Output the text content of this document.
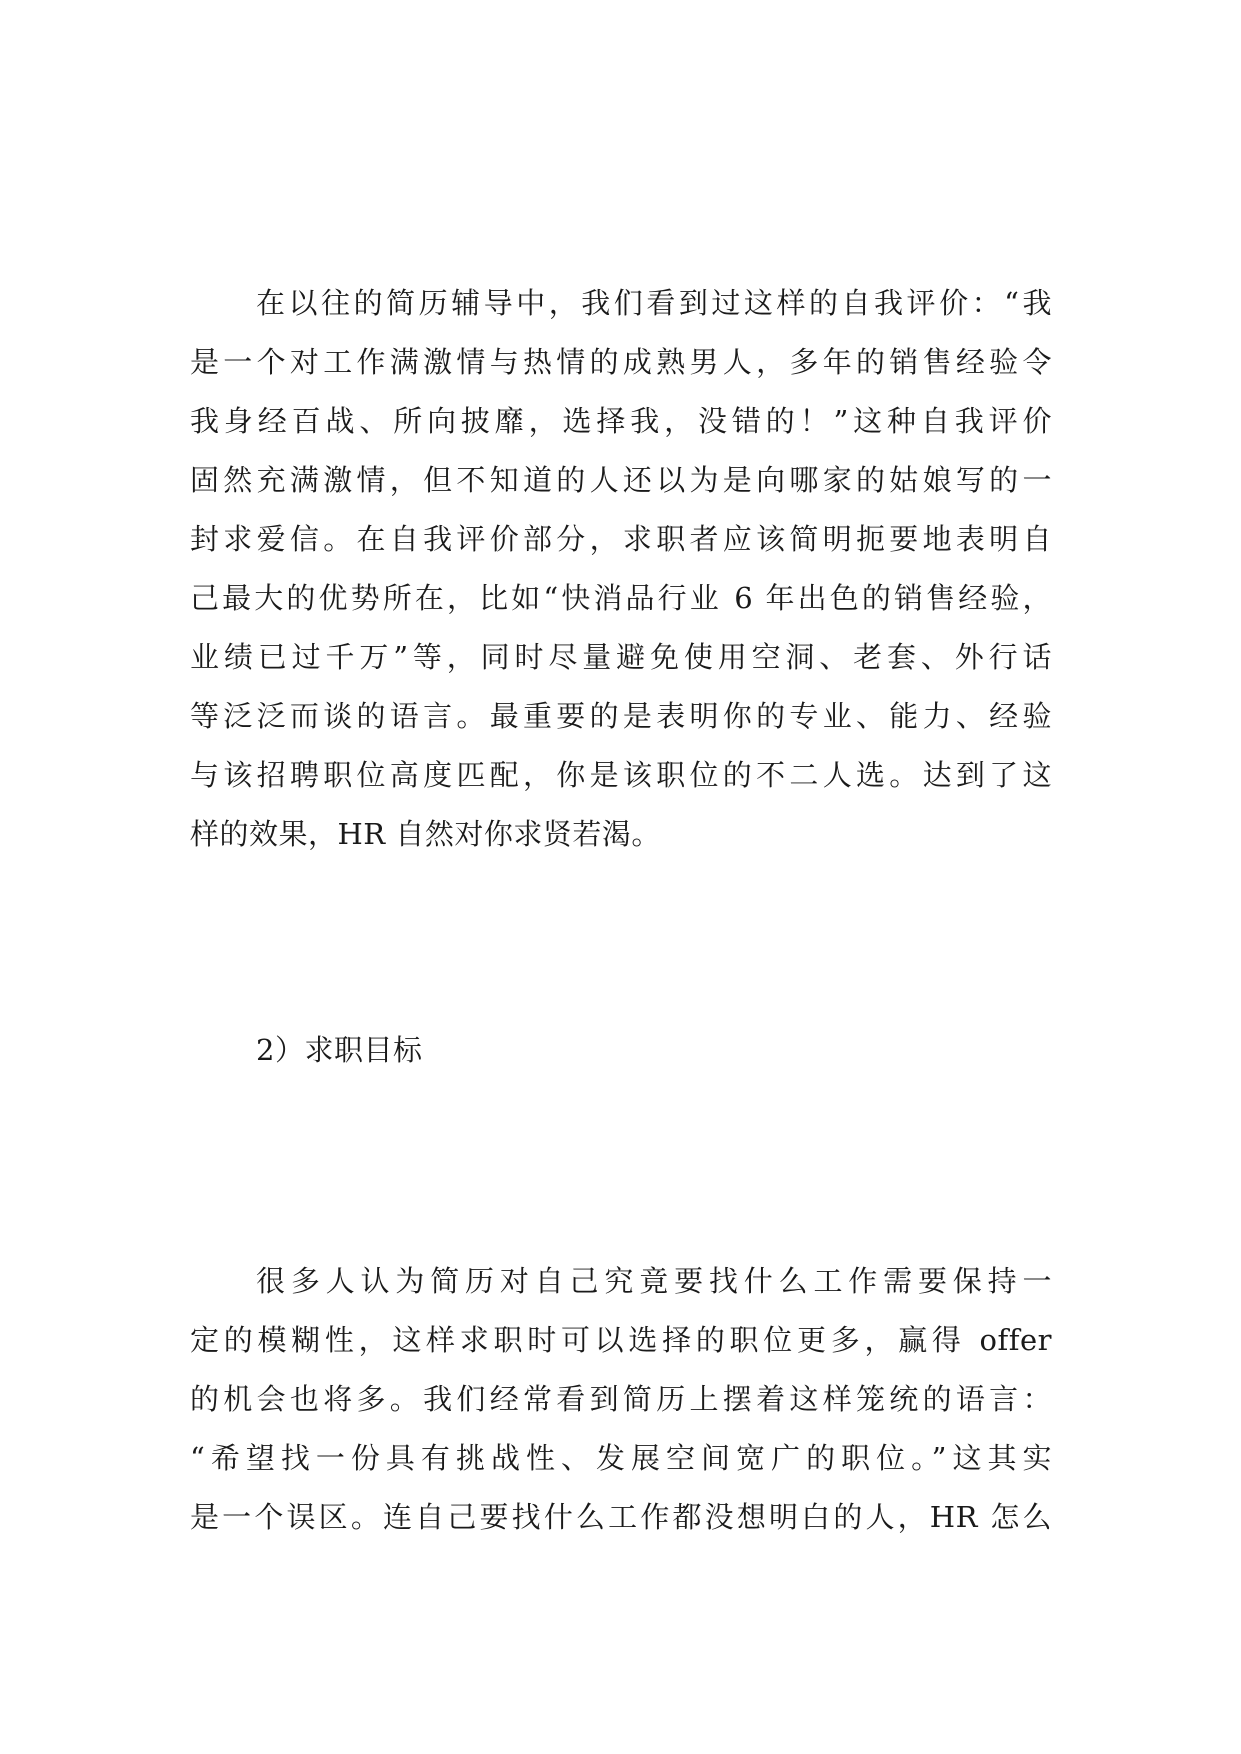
在以往的简历辅导中，我们看到过这样的自我评价：“我
是一个对工作满激情与热情的成熟男人，多年的销售经验令
我身经百战、所向披靡，选择我，没错的！”这种自我评价
固然充满激情，但不知道的人还以为是向哪家的姑娘写的一
封求爱信。在自我评价部分，求职者应该简明扼要地表明自
己最大的优势所在，比如“快消品行业 6 年出色的销售经验，
业绩已过千万”等，同时尽量避免使用空洞、老套、外行话
等泛泛而谈的语言。最重要的是表明你的专业、能力、经验
与该招聘职位高度匹配，你是该职位的不二人选。达到了这
样的效果，HR 自然对你求贤若渴。
2）求职目标
很多人认为简历对自己究竟要找什么工作需要保持一
定的模糊性，这样求职时可以选择的职位更多，赢得 offer
的机会也将多。我们经常看到简历上摆着这样笼统的语言：
“希望找一份具有挑战性、发展空间宽广的职位。”这其实
是一个误区。连自己要找什么工作都没想明白的人，HR 怎么
